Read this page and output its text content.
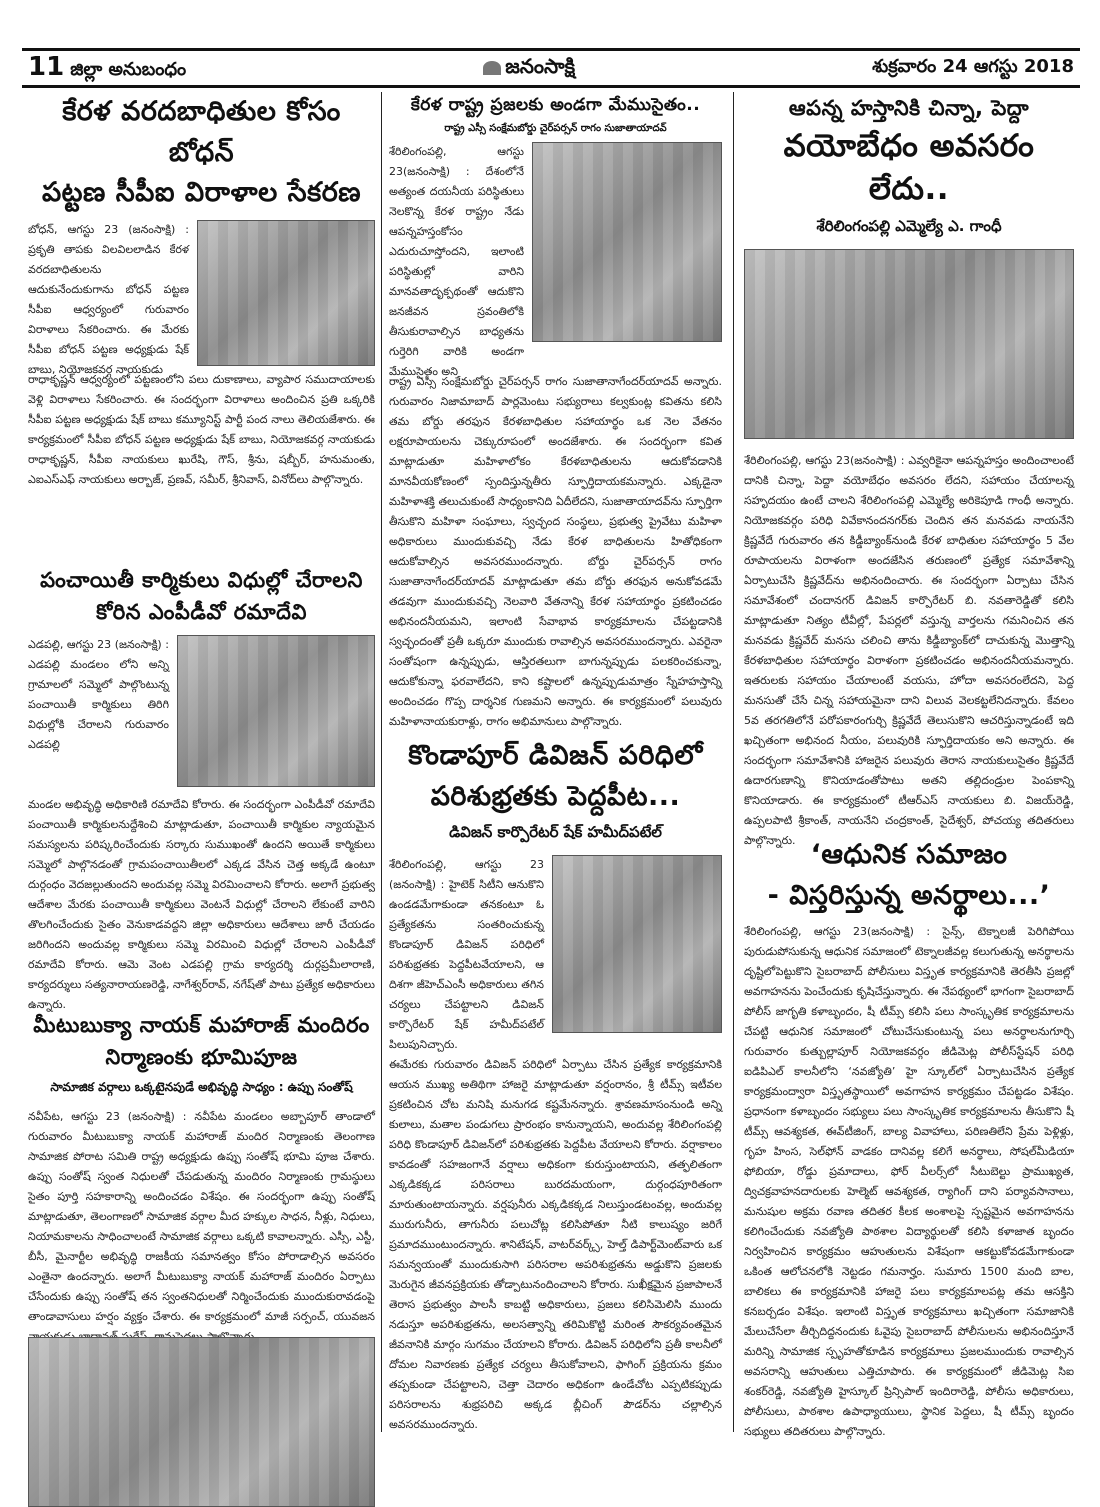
11 జిల్లా అనుబంధం	జనంసాక్షి	శుక్రవారం 24 ఆగస్టు 2018
కేరళ వరదబాధితుల కోసం బోధన్
పట్టణ సీపీఐ విరాళాల సేకరణ
బోధన్, ఆగస్టు 23 (జనంసాక్షి) : ప్రకృతి తాపకు విలవిలలాడిన కేరళ వరదబాధితులను ఆదుకునేందుకుగాను బోధన్ పట్టణ సీపీఐ ఆధ్వర్యంలో గురువారం విరాళాలు సేకరించారు. ఈ మేరకు సీపీఐ బోధన్ పట్టణ అధ్యక్షుడు షేక్ బాబు, నియోజకవర్గ నాయకుడు
రాధాకృష్ణన్ ఆధ్వర్యంలో పట్టణంలోని పలు దుకాణాలు, వ్యాపార సముదాయాలకు వెళ్లి విరాళాలు సేకరించారు. ఈ సందర్భంగా విరాళాలు అందించిన ప్రతి ఒక్కరికి సీపీఐ పట్టణ అధ్యక్షుడు షేక్ బాబు కమ్యూనిస్ట్ పార్టీ పంద నాలు తెలియజేశారు. ఈ కార్యక్రమంలో సీపీఐ బోధన్ పట్టణ అధ్యక్షుడు షేక్ బాబు, నియోజకవర్గ నాయకుడు రాధాకృష్ణన్, సీపీఐ నాయకులు ఖురేషి, గౌస్, శ్రీను, షబ్బీర్, హనుమంతు, ఎఐఎస్ఎఫ్ నాయకులు అర్బాజ్, ప్రణవ్, సమీర్, శ్రీనివాస్, వినోద్‌లు పాల్గొన్నారు.
పంచాయితీ కార్మికులు విధుల్లో చేరాలని
కోరిన ఎంపీడీవో రమాదేవి
ఎడపల్లి, ఆగస్టు 23 (జనంసాక్షి) : ఎడపల్లి మండలం లోని అన్ని గ్రామాలలో సమ్మెలో పాల్గొంటున్న పంచాయితీ కార్మికులు తిరిగి విధుల్లోకి చేరాలని గురువారం ఎడపల్లి
మండల అభివృద్ధి అధికారిణి రమాదేవి కోరారు. ఈ సందర్భంగా ఎంపీడీవో రమాదేవి పంచాయితీ కార్మికులనుద్దేశించి మాట్లాడుతూ, పంచాయితీ కార్మికుల న్యాయమైన సమస్యలను పరిష్కరించేందుకు సర్కారు సుముఖంతో ఉందని అయితే కార్మికులు సమ్మెలో పాల్గొనడంతో గ్రామపంచాయితీలలో ఎక్కడ వేసిన చెత్త అక్కడే ఉంటూ దుర్గంధం వెదజల్లుతుందని అందువల్ల సమ్మె విరమించాలని కోరారు. అలాగే ప్రభుత్వ ఆదేశాల మేరకు పంచాయితీ కార్మికులు వెంటనే విధుల్లో చేరాలని లేకుంటే వారిని తొలగించేందుకు సైతం వెనుకాడవద్దని జిల్లా అధికారులు ఆదేశాలు జారీ చేయడం జరిగిందని అందువల్ల కార్మికులు సమ్మె విరమించి విధుల్లో చేరాలని ఎంపీడీవో రమాదేవి కోరారు. ఆమె వెంట ఎడపల్లి గ్రామ కార్యదర్శి దుర్గప్రమీలారాణి, కార్యదర్శులు సత్యనారాయణరెడ్డి, నాగేశ్వర్‌రావ్, నగేష్‌తో పాటు ప్రత్యేక అధికారులు ఉన్నారు.
మీటుబుక్యా నాయక్ మహారాజ్ మందిరం
నిర్మాణంకు భూమిపూజ
సామాజిక వర్గాలు ఒక్కటైనపుడే అభివృద్ధి సాధ్యం : ఉప్పు సంతోష్
నవీపేట, ఆగస్టు 23 (జనంసాక్షి) : నవీపేట మండలం అబ్బాపూర్ తాండాలో గురువారం మీటుబుక్యా నాయక్ మహారాజ్ మందిర నిర్మాణంకు తెలంగాణ సామాజిక పోరాట సమితి రాష్ట్ర అధ్యక్షుడు ఉప్పు సంతోష్ భూమి పూజ చేశారు. ఉప్పు సంతోష్ స్వంత నిధులతో చేపడుతున్న మందిరం నిర్మాణంకు గ్రామస్థులు సైతం పూర్తి సహకారాన్ని అందించడం విశేషం. ఈ సందర్భంగా ఉప్పు సంతోష్ మాట్లాడుతూ, తెలంగాణలో సామాజిక వర్గాల మీద హక్కుల సాధన, నీళ్లు, నిధులు, నియామకాలను సాధించాలంటే సామాజిక వర్గాలు ఒక్కటి కావాలన్నారు. ఎస్సీ, ఎస్టీ, బీసీ, మైనార్టీల అభివృద్ధి రాజకీయ సమానత్వం కోసం పోరాడాల్సిన అవసరం ఎంతైనా ఉందన్నారు. అలాగే మీటుబుక్యా నాయక్ మహారాజ్ మందిరం ఏర్పాటు చేసేందుకు ఉప్పు సంతోష్ తన స్వంతనిధులతో నిర్మించేందుకు ముందుకురావడంపై తాండావాసులు హర్షం వ్యక్తం చేశారు. ఈ కార్యక్రమంలో మాజీ సర్పంచ్, యువజన
కేరళ రాష్ట్ర ప్రజలకు అండగా మేముసైతం..
రాష్ట్ర ఎస్సీ సంక్షేమబోర్డు చైర్‌పర్సన్ రాగం సుజాతాయాదవ్
శేరిలింగంపల్లి, ఆగస్టు 23(జనంసాక్షి) : దేశంలోనే అత్యంత దయనీయ పరిస్థితులు నెలకొన్న కేరళ రాష్ట్రం నేడు ఆపన్నహస్తంకోసం ఎదురుచూస్తోందని, ఇలాంటి పరిస్థితుల్లో వారిని మానవతాదృక్పథంతో ఆదుకొని జనజీవన స్రవంతిలోకి తీసుకురావాల్సిన బాధ్యతను గుర్తెరిగి వారికి అండగా మేముసైతం అని
రాష్ట్ర ఎస్సీ సంక్షేమబోర్డు చైర్‌పర్సన్ రాగం సుజాతానాగేందర్‌యాదవ్ అన్నారు. గురువారం నిజామాబాద్ పార్లమెంటు సభ్యురాలు కల్వకుంట్ల కవితను కలిసి తమ బోర్డు తరఫున కేరళబాధితుల సహాయార్థం ఒక నెల వేతనం లక్షరూపాయలను చెక్కురూపంలో అందజేశారు. ఈ సందర్భంగా కవిత మాట్లాడుతూ మహిళాలోకం కేరళబాధితులను ఆదుకోవడానికి మానవీయకోణంలో స్పందిస్తున్నతీరు స్ఫూర్తిదాయకమన్నారు. ఎక్కడైనా మహిళాశక్తి తలుచుకుంటే సాధ్యంకానిది ఏదీలేదని, సుజాతాయాదవ్‌ను స్ఫూర్తిగా తీసుకొని మహిళా సంఘాలు, స్వచ్ఛంద సంస్థలు, ప్రభుత్వ ప్రైవేటు మహిళా అధికారులు ముందుకువచ్చి నేడు కేరళ బాధితులను హితోధికంగా ఆదుకోవాల్సిన అవసరముందన్నారు. బోర్డు చైర్‌పర్సన్ రాగం సుజాతానాగేందర్‌యాదవ్ మాట్లాడుతూ తమ బోర్డు తరఫున అనుకోవడమే తడవుగా ముందుకువచ్చి నెలవారి వేతనాన్ని కేరళ సహాయార్థం ప్రకటించడం అభినందనీయమని, ఇలాంటి సేవాభావ కార్యక్రమాలను చేపట్టడానికి స్వచ్ఛందంతో ప్రతీ ఒక్కరూ ముందుకు రావాల్సిన అవసరముందన్నారు. ఎవరైనా సంతోషంగా ఉన్నప్పుడు, ఆస్తిరతలుగా బాగున్నప్పుడు పలకరించకున్నా, ఆదుకోకున్నా ఫరవాలేదని, కాని కష్టాలలో ఉన్నప్పుడుమాత్రం స్నేహహస్తాన్ని అందించడం గొప్ప దార్శనిక గుణమని అన్నారు. ఈ కార్యక్రమంలో పలువురు మహిళానాయకురాళ్లు, రాగం అభిమానులు పాల్గొన్నారు.
కొండాపూర్ డివిజన్ పరిధిలో
పరిశుభ్రతకు పెద్దపీట...
డివిజన్ కార్పొరేటర్ షేక్ హమీద్‌పటేల్
శేరిలింగంపల్లి, ఆగస్టు 23 (జనంసాక్షి) : హైటెక్ సిటీని ఆనుకొని ఉండడమేగాకుండా తనకంటూ ఓ ప్రత్యేకతను సంతరించుకున్న కొండాపూర్ డివిజన్ పరిధిలో పరిశుభ్రతకు పెద్దపీటవేయాలని, ఆ దిశగా జీహెచ్ఎంసీ అధికారులు తగిన చర్యలు చేపట్టాలని డివిజన్ కార్పొరేటర్ షేక్ హమీద్‌పటేల్ పిలుపునిచ్చారు.
ఈమేరకు గురువారం డివిజన్ పరిధిలో ఏర్పాటు చేసిన ప్రత్యేక కార్యక్రమానికి ఆయన ముఖ్య అతిథిగా హాజరై మాట్లాడుతూ వర్షంరానం, శ్రీ టీమ్స్ ఇటీవల ప్రకటించిన చోట మనిషి మనుగడ కష్టమేనన్నారు. శ్రావణమాసంనుండి అన్ని కులాలు, మతాల పండుగలు ప్రారంభం కానున్నాయని, అందువల్ల శేరిలింగంపల్లి పరిధి కొండాపూర్ డివిజన్‌లో పరిశుభ్రతకు పెద్దపీట వేయాలని కోరారు. వర్షాకాలం కావడంతో సహజంగానే వర్షాలు అధికంగా కురుస్తుంటాయని, తత్ఫలితంగా ఎక్కడికక్కడ పరిసరాలు బురదమయంగా, దుర్గంధపూరితంగా మారుతుంటాయన్నారు. వర్షపునీరు ఎక్కడికక్కడ నిలుస్తుండటంవల్ల, అందువల్ల మురుగునీరు, తాగునీరు పలుచోట్ల కలిసిపోతూ నీటి కాలుష్యం జరిగే ప్రమాదముంటుందన్నారు. శానిటేషన్, వాటర్‌వర్క్స్, హెల్త్ డిపార్ట్‌మెంట్‌వారు ఒక సమన్వయంతో ముందుకుసాగి పరిసరాల అపరిశుభ్రతను అడ్డుకొని ప్రజలకు మెరుగైన జీవనప్రక్రియకు తోడ్పాటునందించాలని కోరారు. సుఖీక్షమైన ప్రజాపాలనే తెరాస ప్రభుత్వం పాలసీ కాబట్టి అధికారులు, ప్రజలు కలిసిమెలిసి ముందు నడుస్తూ అపరిశుభ్రతను, అలసత్వాన్ని తరిమికొట్టి మరింత సౌకర్యవంతమైన జీవనానికి మార్గం సుగమం చేయాలని కోరారు. డివిజన్ పరిధిలోని ప్రతీ కాలనీలో దోమల నివారణకు ప్రత్యేక చర్యలు తీసుకోవాలని, ఫాగింగ్ ప్రక్రియను క్రమం తప్పకుండా చేపట్టాలని, చెత్తా చెదారం అధికంగా ఉండేచోట ఎప్పటికప్పుడు పరిసరాలను శుభ్రపరిచి అక్కడ బ్లీచింగ్ పౌడర్‌ను చల్లాల్సిన అవసరముందన్నారు.
ఆపన్న హస్తానికి చిన్నా, పెద్దా
వయోబేధం అవసరం లేదు..
శేరిలింగంపల్లి ఎమ్మెల్యే ఎ. గాంధీ
శేరిలింగంపల్లి, ఆగస్టు 23(జనంసాక్షి) : ఎవ్వరికైనా ఆపన్నహస్తం అందించాలంటే దానికి చిన్నా, పెద్దా వయోబేధం అవసరం లేదని, సహాయం చేయాలన్న సహృదయం ఉంటే చాలని శేరిలింగంపల్లి ఎమ్మెల్యే అరికెపూడి గాంధీ అన్నారు. నియోజకవర్గం పరిధి వివేకానందనగర్‌కు చెందిన తన మనవడు నాయనేని క్రిష్ణవేదే గురువారం తన కిడ్డీబ్యాంక్‌నుండి కేరళ బాధితుల సహాయార్థం 5 వేల రూపాయలను విరాళంగా అందజేసిన తరుణంలో ప్రత్యేక సమావేశాన్ని ఏర్పాటుచేసి క్రిష్ణవేద్‌ను అభినందించారు. ఈ సందర్భంగా ఏర్పాటు చేసిన సమావేశంలో చందానగర్ డివిజన్ కార్పొరేటర్ బి. నవతారెడ్డితో కలిసి మాట్లాడుతూ నిత్యం టీవీల్లో, పేపర్లలో వస్తున్న వార్తలను గమనించిన తన మనవడు క్రిష్ణవేద్ మనసు చలించి తాను కిడ్డీబ్యాంక్‌లో దాచుకున్న మొత్తాన్ని కేరళబాధితుల సహాయార్థం విరాళంగా ప్రకటించడం అభినందనీయమన్నారు. ఇతరులకు సహాయం చేయాలంటే వయసు, హోదా అవసరంలేదని, పెద్ద మనసుతో చేసే చిన్న సహాయమైనా దాని విలువ వెలకట్టలేనిదన్నారు. కేవలం 5వ తరగతిలోనే పరోపకారంగుర్చి క్రిష్ణవేదే తెలుసుకొని ఆచరిస్తున్నాడంటే ఇది ఖచ్చితంగా అభినంద నీయం, పలువురికి స్ఫూర్తిదాయకం అని అన్నారు. ఈ సందర్భంగా సమావేశానికి హాజరైన పలువురు తెరాస నాయకులుసైతం క్రిష్ణవేదే ఉదారగుణాన్ని కొనియాడంతోపాటు అతని తల్లిదండ్రుల పెంపకాన్ని కొనియాడారు. ఈ కార్యక్రమంలో టీఆర్ఎస్ నాయకులు బి. విజయ్‌రెడ్డి, ఉప్పలపాటి శ్రీకాంత్, నాయనేని చంద్రకాంత్, సైదేశ్వర్, పోచయ్య తదితరులు పాల్గొన్నారు. ‘ఆధునిక సమాజం
- విస్తరిస్తున్న అనర్థాలు...’
శేరిలింగంపల్లి, ఆగస్టు 23(జనంసాక్షి) : సైన్స్, టెక్నాలజీ పెరిగిపోయి పురుడుపోసుకున్న ఆధునిక సమాజంలో టెక్నాలజీవల్ల కలుగుతున్న అనర్థాలను దృష్టిలోపెట్టుకొని సైబరాబాద్ పోలీసులు విస్తృత కార్యక్రమానికి తెరతీసి ప్రజల్లో అవగాహనను పెంచేందుకు కృషిచేస్తున్నారు. ఈ నేపథ్యంలో భాగంగా సైబరాబాద్ పోలీస్ జాగృతి కళాబృందం, షీ టీమ్స్ కలిసి పలు సాంస్కృతిక కార్యక్రమాలను చేపట్టి ఆధునిక సమాజంలో చోటుచేసుకుంటున్న పలు అనర్థాలనుగూర్చి గురువారం కుత్బుల్లాపూర్ నియోజకవర్గం జీడిమెట్ల పోలీస్‌స్టేషన్ పరిధి ఐడిపిఎల్ కాలనీలోని ‘నవజ్యోతి’ హై స్కూల్‌లో ఏర్పాటుచేసిన ప్రత్యేక కార్యక్రమంద్వారా విస్తృతస్థాయిలో అవగాహన కార్యక్రమం చేపట్టడం విశేషం. ప్రధానంగా కళాబృందం సభ్యులు పలు సాంస్కృతిక కార్యక్రమాలను తీసుకొని షీ టీమ్స్ ఆవశ్యకత, ఈవ్‌టీజింగ్, బాల్య వివాహాలు, పరిణతిలేని ప్రేమ పెళ్లిళ్లు, గృహ హింస, సెల్‌ఫోన్ వాడకం దానివల్ల కలిగే అనర్థాలు, సోషల్‌మీడియా ఫోబియా, రోడ్డు ప్రమాదాలు, ఫోర్ వీలర్స్‌లో సీటుబెల్టు ప్రాముఖ్యత, ద్విచక్రవాహనదారులకు హెల్మెట్ ఆవశ్యకత, ర్యాగింగ్ దాని పర్యావసానాలు, మనుషుల అక్రమ రవాణ తదితర కీలక అంశాలపై స్పష్టమైన అవగాహనను కలిగించేందుకు నవజ్యోతి పాఠశాల విద్యార్థులతో కలిసి కళాజాత బృందం నిర్వహించిన కార్యక్రమం ఆహుతులను విశేషంగా ఆకట్టుకోవడమేగాకుండా ఒకింత ఆలోచనలోకి నెట్టడం గమనార్హం. సుమారు 1500 మంది బాల, బాలికలు ఈ కార్యక్రమానికి హాజరై పలు కార్యక్రమాలపట్ల తమ ఆసక్తిని కనబర్చడం విశేషం. ఇలాంటి విస్తృత కార్యక్రమాలు ఖచ్చితంగా సమాజానికి మేలుచేసేలా తీర్చిదిద్దనందుకు ఓవైపు సైబరాబాద్ పోలీసులను అభినందిస్తూనే మరిన్ని సామాజిక స్పృహతోకూడిన కార్యక్రమాలు ప్రజలముందుకు రావాల్సిన అవసరాన్ని ఆహుతులు ఎత్తిచూపారు. ఈ కార్యక్రమంలో జీడిమెట్ల సిఐ శంకర్‌రెడ్డి, నవజ్యోతి హైస్కూల్ ప్రిన్సిపాల్ ఇందిరారెడ్డి, పోలీసు అధికారులు, పోలీసులు, పాఠశాల ఉపాధ్యాయులు, స్థానిక పెద్దలు, షీ టీమ్స్ బృందం సభ్యులు తదితరులు పాల్గొన్నారు.
